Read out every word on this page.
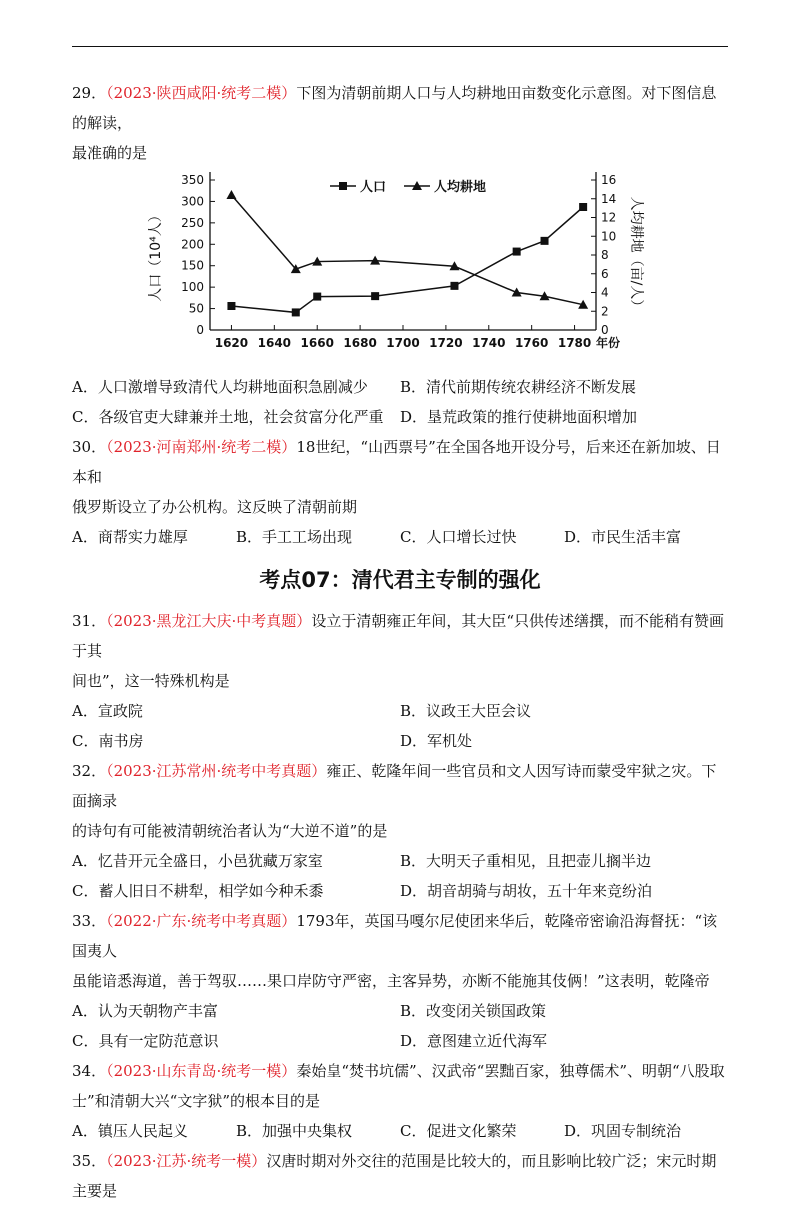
29．（2023·陕西咸阳·统考二模）下图为清朝前期人口与人均耕地田亩数变化示意图。对下图信息的解读，
最准确的是

0
50
100
150
200
250
300
350
0
2
4
6
8
10
12
14
16
1620 1640 1660 1680 1700 1720 1740 1760 1780 年份
人口（10⁴人）	人均耕地（亩/人）
人口	人均耕地
A．人口激增导致清代人均耕地面积急剧减少	B．清代前期传统农耕经济不断发展
C．各级官吏大肆兼并土地，社会贫富分化严重	D．垦荒政策的推行使耕地面积增加

30．（2023·河南郑州·统考二模）18世纪，“山西票号”在全国各地开设分号，后来还在新加坡、日本和
俄罗斯设立了办公机构。这反映了清朝前期

A．商帮实力雄厚	B．手工工场出现	C．人口增长过快	D．市民生活丰富
考点07：清代君主专制的强化

31．（2023·黑龙江大庆·中考真题）设立于清朝雍正年间，其大臣“只供传述缮撰，而不能稍有赞画于其
间也”，这一特殊机构是

A．宣政院	B．议政王大臣会议
C．南书房	D．军机处

32．（2023·江苏常州·统考中考真题）雍正、乾隆年间一些官员和文人因写诗而蒙受牢狱之灾。下面摘录
的诗句有可能被清朝统治者认为“大逆不道”的是

A．忆昔开元全盛日，小邑犹藏万家室	B．大明天子重相见，且把壶儿搁半边
C．蓄人旧日不耕犁，相学如今种禾黍	D．胡音胡骑与胡妆，五十年来竞纷泊

33．（2022·广东·统考中考真题）1793年，英国马嘎尔尼使团来华后，乾隆帝密谕沿海督抚：“该国夷人
虽能谙悉海道，善于驾驭……果口岸防守严密，主客异势，亦断不能施其伎俩！”这表明，乾隆帝

A．认为天朝物产丰富	B．改变闭关锁国政策
C．具有一定防范意识	D．意图建立近代海军

34．（2023·山东青岛·统考一模）秦始皇“焚书坑儒”、汉武帝“罢黜百家，独尊儒术”、明朝“八股取
士”和清朝大兴“文字狱”的根本目的是

A．镇压人民起义	B．加强中央集权	C．促进文化繁荣	D．巩固专制统治

35．（2023·江苏·统考一模）汉唐时期对外交往的范围是比较大的，而且影响比较广泛；宋元时期主要是
